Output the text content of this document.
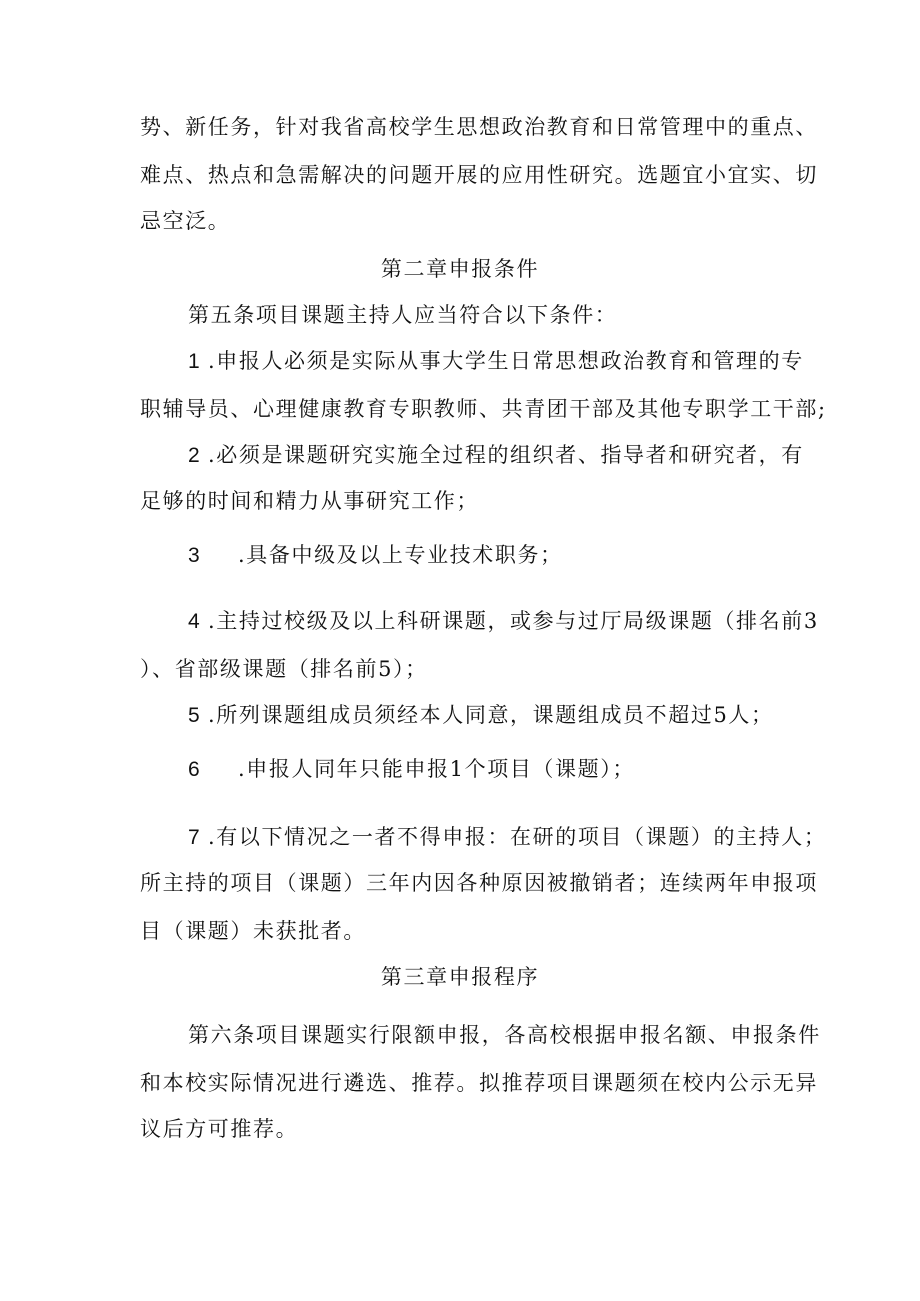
势、新任务，针对我省高校学生思想政治教育和日常管理中的重点、
难点、热点和急需解决的问题开展的应用性研究。选题宜小宜实、切
忌空泛。
第二章申报条件
第五条项目课题主持人应当符合以下条件：
1 .申报人必须是实际从事大学生日常思想政治教育和管理的专
职辅导员、心理健康教育专职教师、共青团干部及其他专职学工干部;
2 .必须是课题研究实施全过程的组织者、指导者和研究者，有
足够的时间和精力从事研究工作；
3 .具备中级及以上专业技术职务；
4 .主持过校级及以上科研课题，或参与过厅局级课题（排名前3
）、省部级课题（排名前5）；
5 .所列课题组成员须经本人同意，课题组成员不超过5人；
6 .申报人同年只能申报1个项目（课题）；
7 .有以下情况之一者不得申报：在研的项目（课题）的主持人；
所主持的项目（课题）三年内因各种原因被撤销者；连续两年申报项
目（课题）未获批者。
第三章申报程序
第六条项目课题实行限额申报，各高校根据申报名额、申报条件
和本校实际情况进行遴选、推荐。拟推荐项目课题须在校内公示无异
议后方可推荐。
